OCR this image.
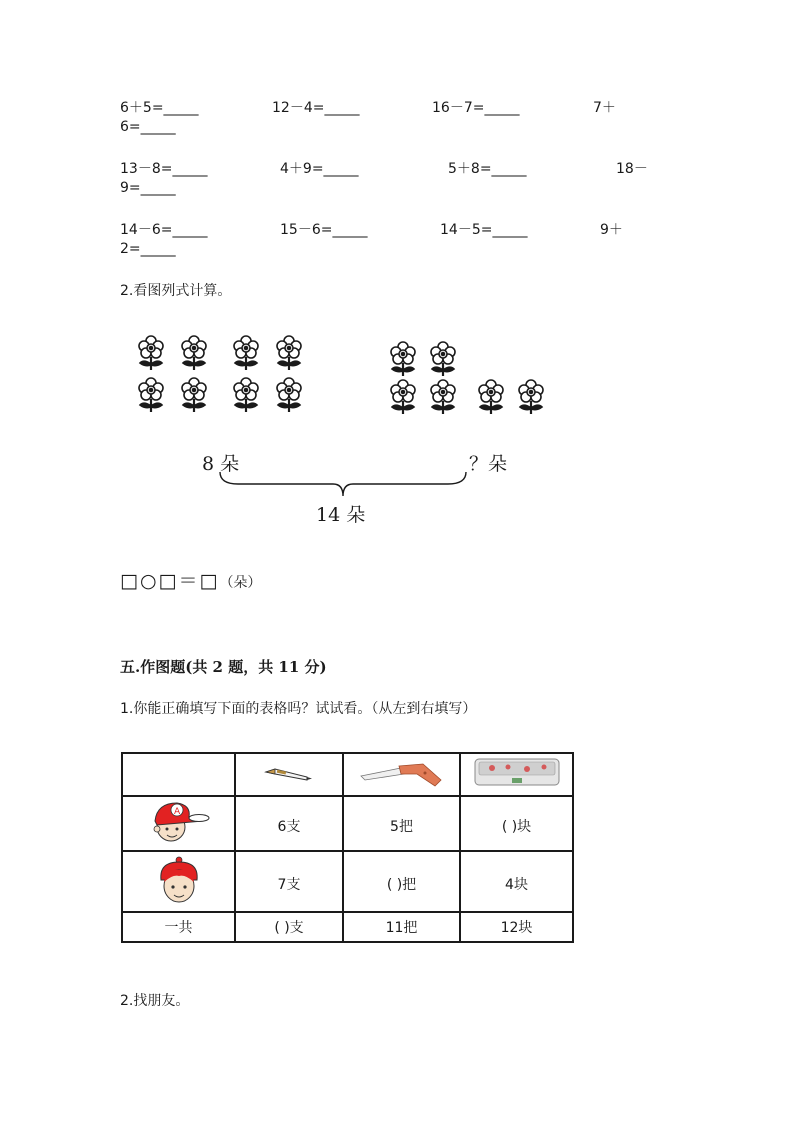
6＋5=_____	12－4=_____	16－7=_____	7＋
6=_____
13－8=_____	4＋9=_____	5＋8=_____	18－
9=_____
14－6=_____	15－6=_____	14－5=_____	9＋
2=_____
2.看图列式计算。
8 朵	？朵
14 朵
□○□＝□（朵）
五.作图题(共 2 题，共 11 分)
1.你能正确填写下面的表格吗？试试看。（从左到右填写）

A	6支	5把	( )块
	7支	( )把	4块
一共	( )支	11把	12块
2.找朋友。
